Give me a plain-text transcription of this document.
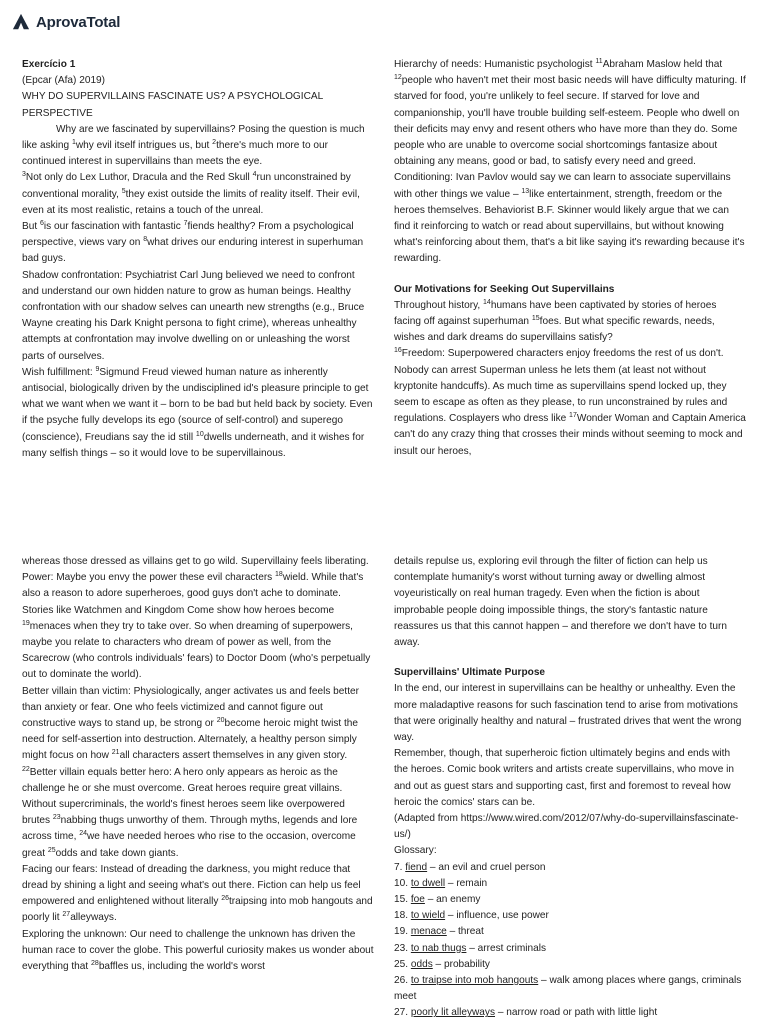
AprovaTotal

Exercício 1

(Epcar (Afa) 2019)

WHY DO SUPERVILLAINS FASCINATE US? A PSYCHOLOGICAL PERSPECTIVE

Why are we fascinated by supervillains? Posing the question is much like asking $^1$why evil itself intrigues us, but $^2$there's much more to our continued interest in supervillains than meets the eye.

$^3$Not only do Lex Luthor, Dracula and the Red Skull $^4$run unconstrained by conventional morality, $^5$they exist outside the limits of reality itself. Their evil, even at its most realistic, retains a touch of the unreal.

But $^6$is our fascination with fantastic $^7$fiends healthy? From a psychological perspective, views vary on $^8$what drives our enduring interest in superhuman bad guys.

Shadow confrontation: Psychiatrist Carl Jung believed we need to confront and understand our own hidden nature to grow as human beings. Healthy confrontation with our shadow selves can unearth new strengths (e.g., Bruce Wayne creating his Dark Knight persona to fight crime), whereas unhealthy attempts at confrontation may involve dwelling on or unleashing the worst parts of ourselves.

Wish fulfillment: $^9$Sigmund Freud viewed human nature as inherently antisocial, biologically driven by the undisciplined id's pleasure principle to get what we want when we want it – born to be bad but held back by society. Even if the psyche fully develops its ego (source of self-control) and superego (conscience), Freudians say the id still $^{10}$dwells underneath, and it wishes for many selfish things – so it would love to be supervillainous.

Hierarchy of needs: Humanistic psychologist $^{11}$Abraham Maslow held that $^{12}$people who haven't met their most basic needs will have difficulty maturing. If starved for food, you're unlikely to feel secure. If starved for love and companionship, you'll have trouble building self-esteem. People who dwell on their deficits may envy and resent others who have more than they do. Some people who are unable to overcome social shortcomings fantasize about obtaining any means, good or bad, to satisfy every need and greed.

Conditioning: Ivan Pavlov would say we can learn to associate supervillains with other things we value – $^{13}$like entertainment, strength, freedom or the heroes themselves. Behaviorist B.F. Skinner would likely argue that we can find it reinforcing to watch or read about supervillains, but without knowing what's reinforcing about them, that's a bit like saying it's rewarding because it's rewarding.

Our Motivations for Seeking Out Supervillains

Throughout history, $^{14}$humans have been captivated by stories of heroes facing off against superhuman $^{15}$foes. But what specific rewards, needs, wishes and dark dreams do supervillains satisfy?

$^{16}$Freedom: Superpowered characters enjoy freedoms the rest of us don't. Nobody can arrest Superman unless he lets them (at least not without kryptonite handcuffs). As much time as supervillains spend locked up, they seem to escape as often as they please, to run unconstrained by rules and regulations. Cosplayers who dress like $^{17}$Wonder Woman and Captain America can't do any crazy thing that crosses their minds without seeming to mock and insult our heroes,

whereas those dressed as villains get to go wild. Supervillainy feels liberating.

Power: Maybe you envy the power these evil characters $^{18}$wield. While that's also a reason to adore superheroes, good guys don't ache to dominate. Stories like Watchmen and Kingdom Come show how heroes become $^{19}$menaces when they try to take over. So when dreaming of superpowers, maybe you relate to characters who dream of power as well, from the Scarecrow (who controls individuals' fears) to Doctor Doom (who's perpetually out to dominate the world).

Better villain than victim: Physiologically, anger activates us and feels better than anxiety or fear. One who feels victimized and cannot figure out constructive ways to stand up, be strong or $^{20}$become heroic might twist the need for self-assertion into destruction. Alternately, a healthy person simply might focus on how $^{21}$all characters assert themselves in any given story.

$^{22}$Better villain equals better hero: A hero only appears as heroic as the challenge he or she must overcome. Great heroes require great villains. Without supercriminals, the world's finest heroes seem like overpowered brutes $^{23}$nabbing thugs unworthy of them. Through myths, legends and lore across time, $^{24}$we have needed heroes who rise to the occasion, overcome great $^{25}$odds and take down giants.

Facing our fears: Instead of dreading the darkness, you might reduce that dread by shining a light and seeing what's out there. Fiction can help us feel empowered and enlightened without literally $^{26}$traipsing into mob hangouts and poorly lit $^{27}$alleyways.

Exploring the unknown: Our need to challenge the unknown has driven the human race to cover the globe. This powerful curiosity makes us wonder about everything that $^{28}$baffles us, including the world's worst

details repulse us, exploring evil through the filter of fiction can help us contemplate humanity's worst without turning away or dwelling almost voyeuristically on real human tragedy. Even when the fiction is about improbable people doing impossible things, the story's fantastic nature reassures us that this cannot happen – and therefore we don't have to turn away.

Supervillains' Ultimate Purpose

In the end, our interest in supervillains can be healthy or unhealthy. Even the more maladaptive reasons for such fascination tend to arise from motivations that were originally healthy and natural – frustrated drives that went the wrong way.

Remember, though, that superheroic fiction ultimately begins and ends with the heroes. Comic book writers and artists create supervillains, who move in and out as guest stars and supporting cast, first and foremost to reveal how heroic the comics' stars can be.

(Adapted from https://www.wired.com/2012/07/why-do-supervillainsfascinate-us/)

Glossary:

7. fiend – an evil and cruel person

10. to dwell – remain

15. foe – an enemy

18. to wield – influence, use power

19. menace – threat

23. to nab thugs – arrest criminals

25. odds – probability

26. to traipse into mob hangouts – walk among places where gangs, criminals meet

27. poorly lit alleyways – narrow road or path with little light
